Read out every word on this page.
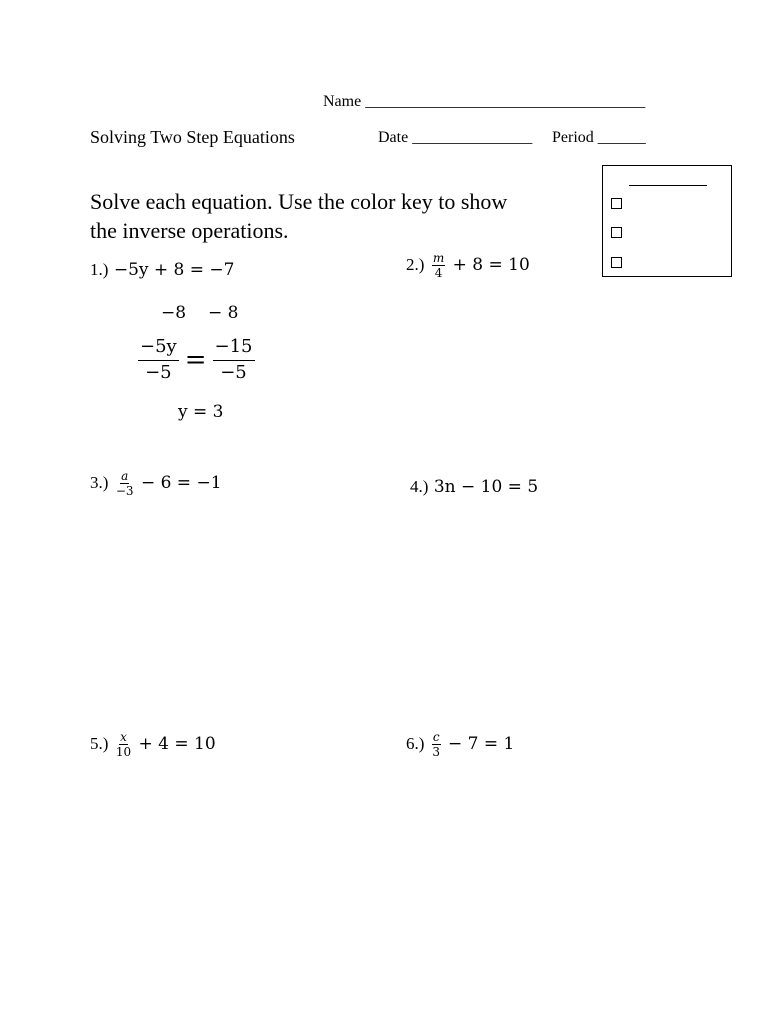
Name ___________________________________
Solving Two Step Equations	Date _______________ Period ______
Solve each equation. Use the color key to show
the inverse operations.
1.) −5y + 8 = −7	$2.) \frac{m}{4} + 8 = 10$
−8 − 8
$\frac{-5y}{-5} = \frac{-15}{-5}$
y = 3
$3.) \frac{a}{-3} - 6 = -1$	4.) 3n − 10 = 5
$5.) \frac{x}{10} + 4 = 10$	$6.) \frac{c}{3} - 7 = 1$
